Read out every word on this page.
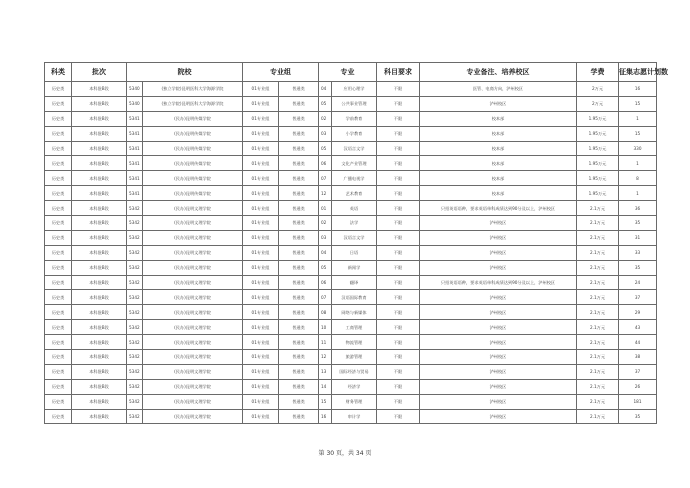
科类	批次	院校		专业组		专业		科目要求	专业备注、培养校区	学费	征集志愿计划数
历史类	本科批B段	5340	(独立学院)昆明医科大学海源学院	01专业组	普通类	04	应用心理学	不限	医管、电商方向，泸州校区	2万元	16
历史类	本科批B段	5340	(独立学院)昆明医科大学海源学院	01专业组	普通类	05	公共事业管理	不限	泸州校区	2万元	15
历史类	本科批B段	5341	(民办)昆明传媒学院	01专业组	普通类	02	学前教育	不限	校本部	1.95万元	1
历史类	本科批B段	5341	(民办)昆明传媒学院	01专业组	普通类	03	小学教育	不限	校本部	1.95万元	15
历史类	本科批B段	5341	(民办)昆明传媒学院	01专业组	普通类	05	汉语言文学	不限	校本部	1.95万元	330
历史类	本科批B段	5341	(民办)昆明传媒学院	01专业组	普通类	06	文化产业管理	不限	校本部	1.95万元	1
历史类	本科批B段	5341	(民办)昆明传媒学院	01专业组	普通类	07	广播电视学	不限	校本部	1.95万元	8
历史类	本科批B段	5341	(民办)昆明传媒学院	01专业组	普通类	12	艺术教育	不限	校本部	1.95万元	1
历史类	本科批B段	5342	(民办)昆明文理学院	01专业组	普通类	01	英语	不限	只招英语语种，要求英语单科成绩达到90分及以上，泸州校区	2.1万元	36
历史类	本科批B段	5342	(民办)昆明文理学院	01专业组	普通类	02	法学	不限	泸州校区	2.1万元	35
历史类	本科批B段	5342	(民办)昆明文理学院	01专业组	普通类	03	汉语言文学	不限	泸州校区	2.1万元	31
历史类	本科批B段	5342	(民办)昆明文理学院	01专业组	普通类	04	日语	不限	泸州校区	2.1万元	33
历史类	本科批B段	5342	(民办)昆明文理学院	01专业组	普通类	05	新闻学	不限	泸州校区	2.1万元	35
历史类	本科批B段	5342	(民办)昆明文理学院	01专业组	普通类	06	翻译	不限	只招英语语种，要求英语单科成绩达到90分及以上，泸州校区	2.1万元	24
历史类	本科批B段	5342	(民办)昆明文理学院	01专业组	普通类	07	汉语国际教育	不限	泸州校区	2.1万元	37
历史类	本科批B段	5342	(民办)昆明文理学院	01专业组	普通类	08	网络与新媒体	不限	泸州校区	2.1万元	29
历史类	本科批B段	5342	(民办)昆明文理学院	01专业组	普通类	10	工商管理	不限	泸州校区	2.1万元	43
历史类	本科批B段	5342	(民办)昆明文理学院	01专业组	普通类	11	物流管理	不限	泸州校区	2.1万元	44
历史类	本科批B段	5342	(民办)昆明文理学院	01专业组	普通类	12	旅游管理	不限	泸州校区	2.1万元	38
历史类	本科批B段	5342	(民办)昆明文理学院	01专业组	普通类	13	国际经济与贸易	不限	泸州校区	2.1万元	37
历史类	本科批B段	5342	(民办)昆明文理学院	01专业组	普通类	14	经济学	不限	泸州校区	2.1万元	26
历史类	本科批B段	5342	(民办)昆明文理学院	01专业组	普通类	15	财务管理	不限	泸州校区	2.1万元	181
历史类	本科批B段	5342	(民办)昆明文理学院	01专业组	普通类	16	审计学	不限	泸州校区	2.1万元	35
第 30 页，共 34 页
